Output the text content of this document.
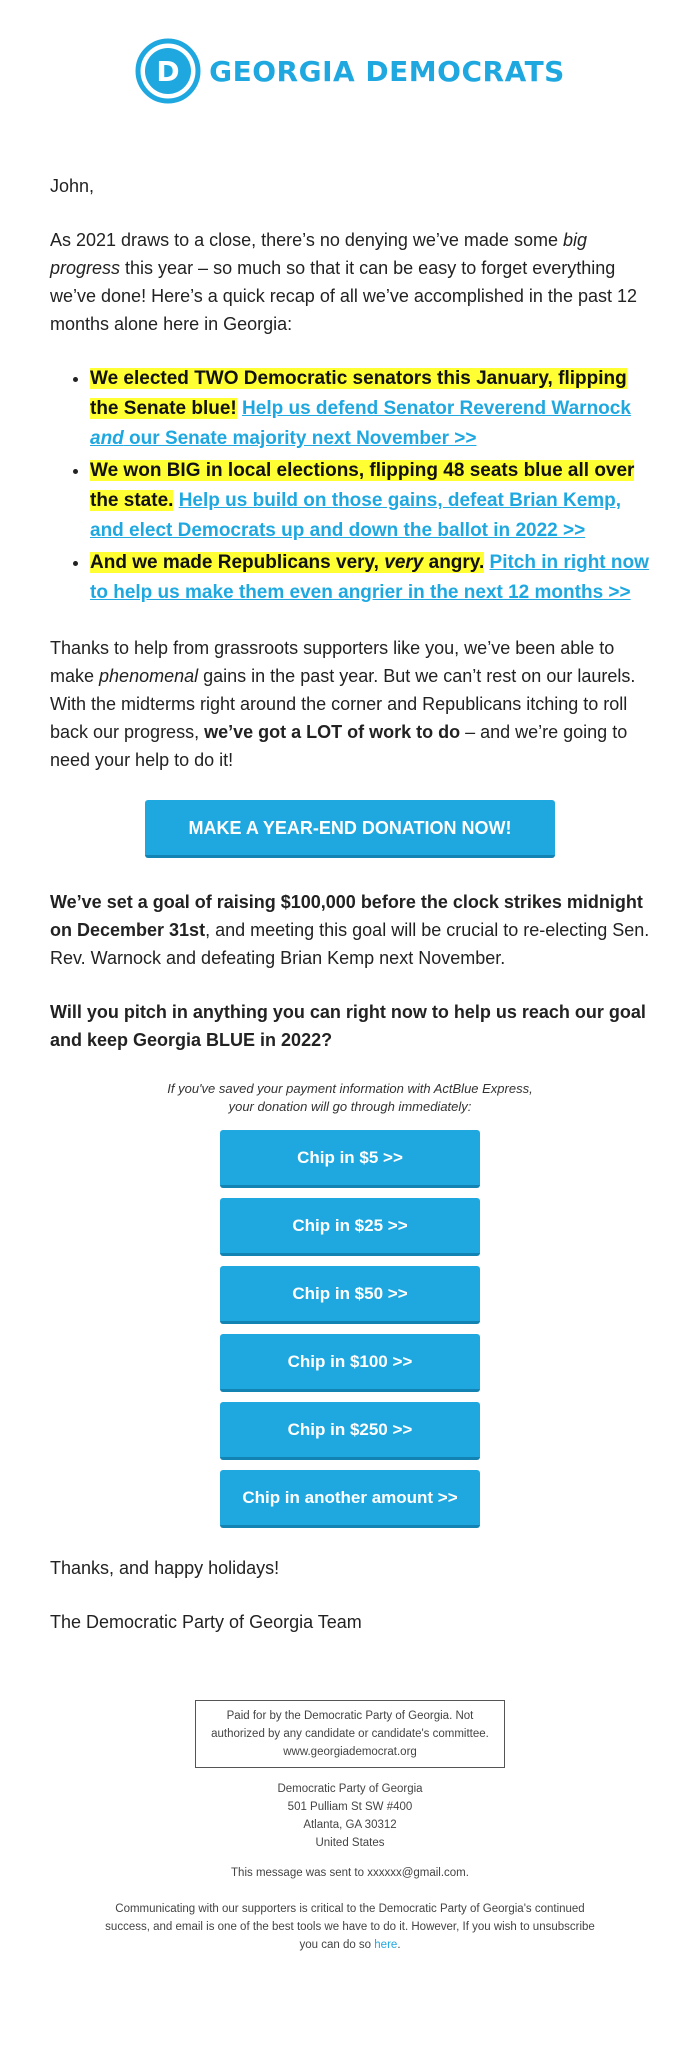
D GEORGIA DEMOCRATS
John,
As 2021 draws to a close, there’s no denying we’ve made some big progress this year – so much so that it can be easy to forget everything we’ve done! Here’s a quick recap of all we’ve accomplished in the past 12 months alone here in Georgia:
• We elected TWO Democratic senators this January, flipping the Senate blue! Help us defend Senator Reverend Warnock and our Senate majority next November >>
• We won BIG in local elections, flipping 48 seats blue all over the state. Help us build on those gains, defeat Brian Kemp, and elect Democrats up and down the ballot in 2022 >>
• And we made Republicans very, very angry. Pitch in right now to help us make them even angrier in the next 12 months >>
Thanks to help from grassroots supporters like you, we’ve been able to make phenomenal gains in the past year. But we can’t rest on our laurels. With the midterms right around the corner and Republicans itching to roll back our progress, we’ve got a LOT of work to do – and we’re going to need your help to do it!
MAKE A YEAR-END DONATION NOW!
We’ve set a goal of raising $100,000 before the clock strikes midnight on December 31st, and meeting this goal will be crucial to re-electing Sen. Rev. Warnock and defeating Brian Kemp next November.
Will you pitch in anything you can right now to help us reach our goal and keep Georgia BLUE in 2022?
If you've saved your payment information with ActBlue Express,
your donation will go through immediately:
Chip in $5 >>
Chip in $25 >>
Chip in $50 >>
Chip in $100 >>
Chip in $250 >>
Chip in another amount >>
Thanks, and happy holidays!
The Democratic Party of Georgia Team
Paid for by the Democratic Party of Georgia. Not
authorized by any candidate or candidate's committee.
www.georgiademocrat.org
Democratic Party of Georgia
501 Pulliam St SW #400
Atlanta, GA 30312
United States
This message was sent to xxxxxx@gmail.com.
Communicating with our supporters is critical to the Democratic Party of Georgia's continued success, and email is one of the best tools we have to do it. However, If you wish to unsubscribe you can do so here.
